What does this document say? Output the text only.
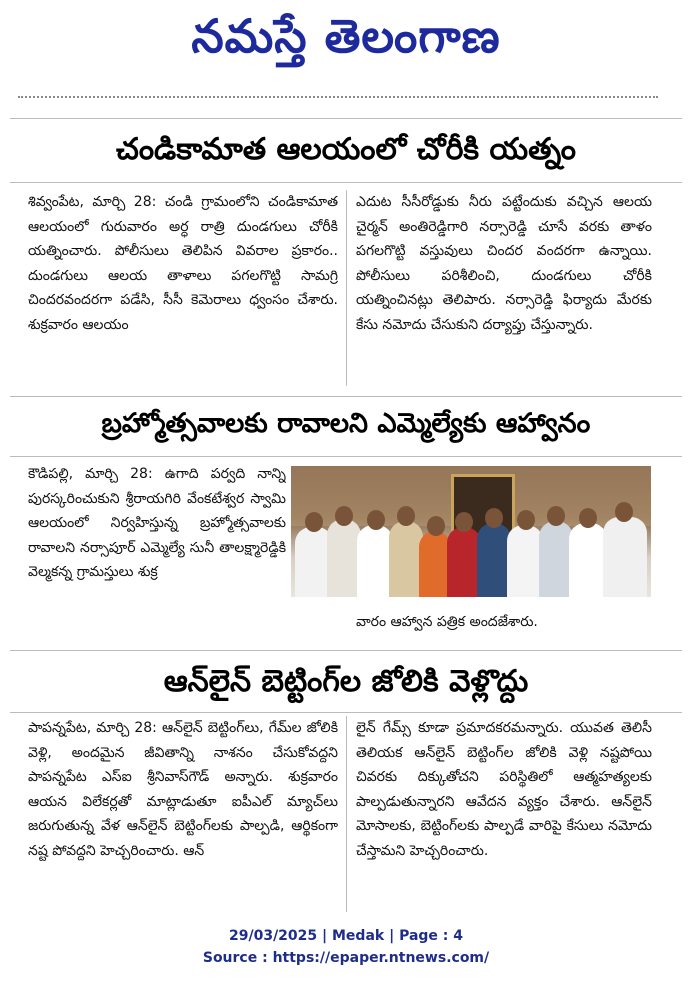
నమస్తే తెలంగాణ
చండికామాత ఆలయంలో చోరీకి యత్నం

శివ్వంపేట, మార్చి 28: చండి గ్రామంలోని చండికామాత ఆలయంలో గురువారం అర్ధ రాత్రి దుండగులు చోరీకి యత్నించారు. పోలీసులు తెలిపిన వివరాల ప్రకారం.. దుండగులు ఆలయ తాళాలు పగలగొట్టి సామగ్రి చిందరవందరగా పడేసి, సీసీ కెమెరాలు ధ్వంసం చేశారు. శుక్రవారం ఆలయం

ఎదుట సీసీరోడ్డుకు నీరు పట్టేందుకు వచ్చిన ఆలయ చైర్మన్ అంతిరెడ్డిగారి నర్సారెడ్డి చూసే వరకు తాళం పగలగొట్టి వస్తువులు చిందర వందరగా ఉన్నాయి. పోలీసులు పరిశీలించి, దుండగులు చోరీకి యత్నించినట్లు తెలిపారు. నర్సారెడ్డి ఫిర్యాదు మేరకు కేసు నమోదు చేసుకుని దర్యాప్తు చేస్తున్నారు.

బ్రహ్మోత్సవాలకు రావాలని ఎమ్మెల్యేకు ఆహ్వానం

కౌడిపల్లి, మార్చి 28: ఉగాది పర్వది నాన్ని పురస్కరించుకుని శ్రీరాయగిరి వేంకటేశ్వర స్వామి ఆలయంలో నిర్వహిస్తున్న బ్రహ్మోత్సవాలకు రావాలని నర్సాపూర్ ఎమ్మెల్యే సునీ తాలక్ష్మారెడ్డికి వెల్మకన్న గ్రామస్తులు శుక్ర

వారం ఆహ్వాన పత్రిక అందజేశారు.

ఆన్‌లైన్ బెట్టింగ్‌ల జోలికి వెళ్లొద్దు

పాపన్నపేట, మార్చి 28: ఆన్‌లైన్ బెట్టింగ్‌లు, గేమ్‌ల జోలికి వెళ్లి, అందమైన జీవితాన్ని నాశనం చేసుకోవద్దని పాపన్నపేట ఎస్ఐ శ్రీనివాస్‌గౌడ్ అన్నారు. శుక్రవారం ఆయన విలేకర్లతో మాట్లాడుతూ ఐపీఎల్ మ్యాచ్‌లు జరుగుతున్న వేళ ఆన్‌లైన్ బెట్టింగ్‌లకు పాల్పడి, ఆర్థికంగా నష్ట పోవద్దని హెచ్చరించారు. ఆన్

లైన్ గేమ్స్ కూడా ప్రమాదకరమన్నారు. యువత తెలిసీ తెలియక ఆన్‌లైన్ బెట్టింగ్‌ల జోలికి వెళ్లి నష్టపోయి చివరకు దిక్కుతోచని పరిస్థితిలో ఆత్మహత్యలకు పాల్పడుతున్నారని ఆవేదన వ్యక్తం చేశారు. ఆన్‌లైన్ మోసాలకు, బెట్టింగ్‌లకు పాల్పడే వారిపై కేసులు నమోదు చేస్తామని హెచ్చరించారు.

29/03/2025 | Medak | Page : 4
Source : https://epaper.ntnews.com/
